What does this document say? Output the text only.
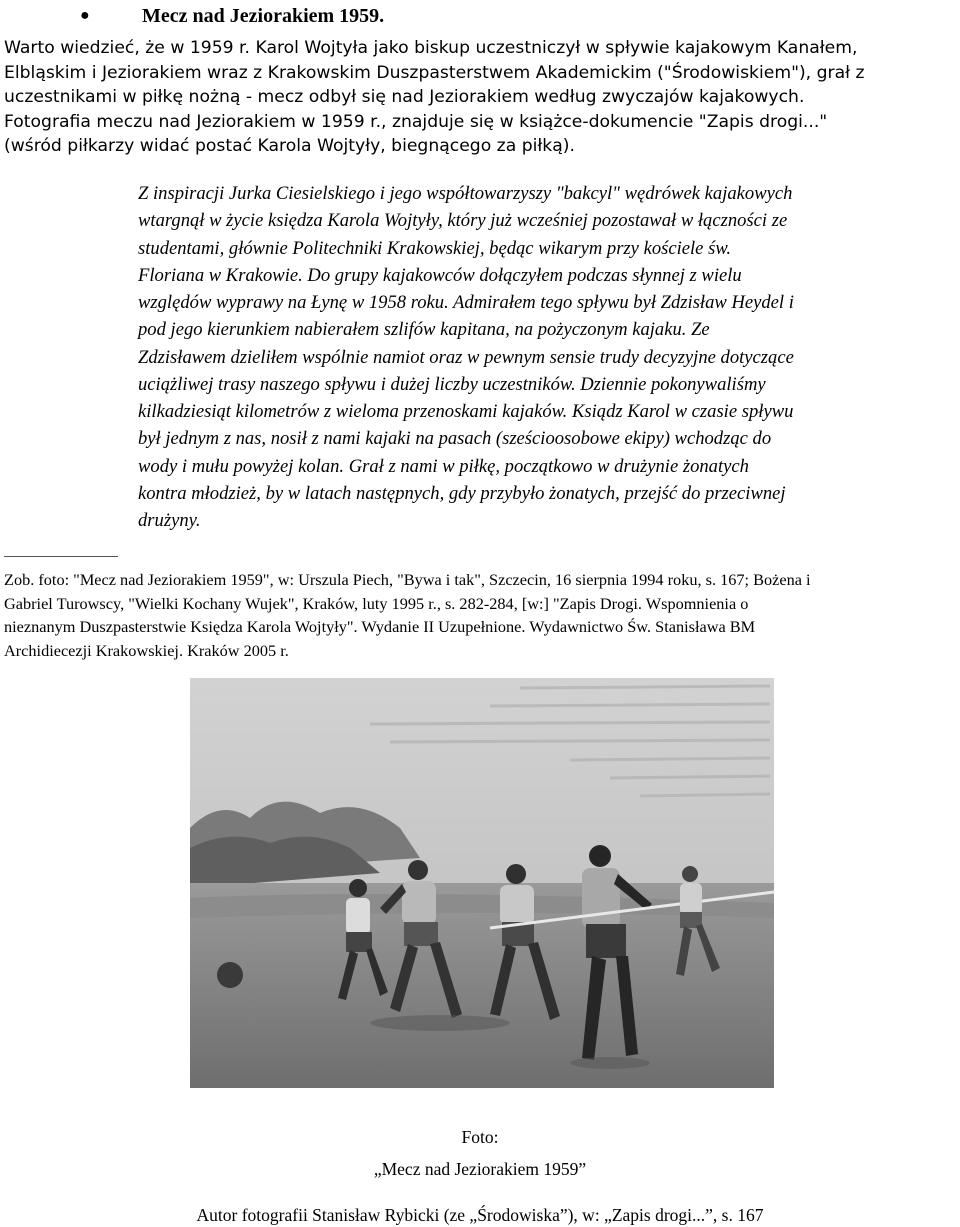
●	Mecz nad Jeziorakiem 1959.
Warto wiedzieć, że w 1959 r. Karol Wojtyła jako biskup uczestniczył w spływie kajakowym Kanałem,
Elbląskim i Jeziorakiem wraz z Krakowskim Duszpasterstwem Akademickim ("Środowiskiem"), grał z
uczestnikami w piłkę nożną - mecz odbył się nad Jeziorakiem według zwyczajów kajakowych.
Fotografia meczu nad Jeziorakiem w 1959 r., znajduje się w książce-dokumencie "Zapis drogi..."
(wśród piłkarzy widać postać Karola Wojtyły, biegnącego za piłką).
Z inspiracji Jurka Ciesielskiego i jego współtowarzyszy "bakcyl" wędrówek kajakowych
wtargnął w życie księdza Karola Wojtyły, który już wcześniej pozostawał w łączności ze
studentami, głównie Politechniki Krakowskiej, będąc wikarym przy kościele św.
Floriana w Krakowie. Do grupy kajakowców dołączyłem podczas słynnej z wielu
względów wyprawy na Łynę w 1958 roku. Admirałem tego spływu był Zdzisław Heydel i
pod jego kierunkiem nabierałem szlifów kapitana, na pożyczonym kajaku. Ze
Zdzisławem dzieliłem wspólnie namiot oraz w pewnym sensie trudy decyzyjne dotyczące
uciążliwej trasy naszego spływu i dużej liczby uczestników. Dziennie pokonywaliśmy
kilkadziesiąt kilometrów z wieloma przenoskami kajaków. Ksiądz Karol w czasie spływu
był jednym z nas, nosił z nami kajaki na pasach (sześcioosobowe ekipy) wchodząc do
wody i mułu powyżej kolan. Grał z nami w piłkę, początkowo w drużynie żonatych
kontra młodzież, by w latach następnych, gdy przybyło żonatych, przejść do przeciwnej
drużyny.
Zob. foto: "Mecz nad Jeziorakiem 1959", w: Urszula Piech, "Bywa i tak", Szczecin, 16 sierpnia 1994 roku, s. 167; Bożena i
Gabriel Turowscy, "Wielki Kochany Wujek", Kraków, luty 1995 r., s. 282-284, [w:] "Zapis Drogi. Wspomnienia o
nieznanym Duszpasterstwie Księdza Karola Wojtyły". Wydanie II Uzupełnione. Wydawnictwo Św. Stanisława BM
Archidiecezji Krakowskiej. Kraków 2005 r.
Foto:
„Mecz nad Jeziorakiem 1959”
Autor fotografii Stanisław Rybicki (ze „Środowiska”), w: „Zapis drogi...”, s. 167
